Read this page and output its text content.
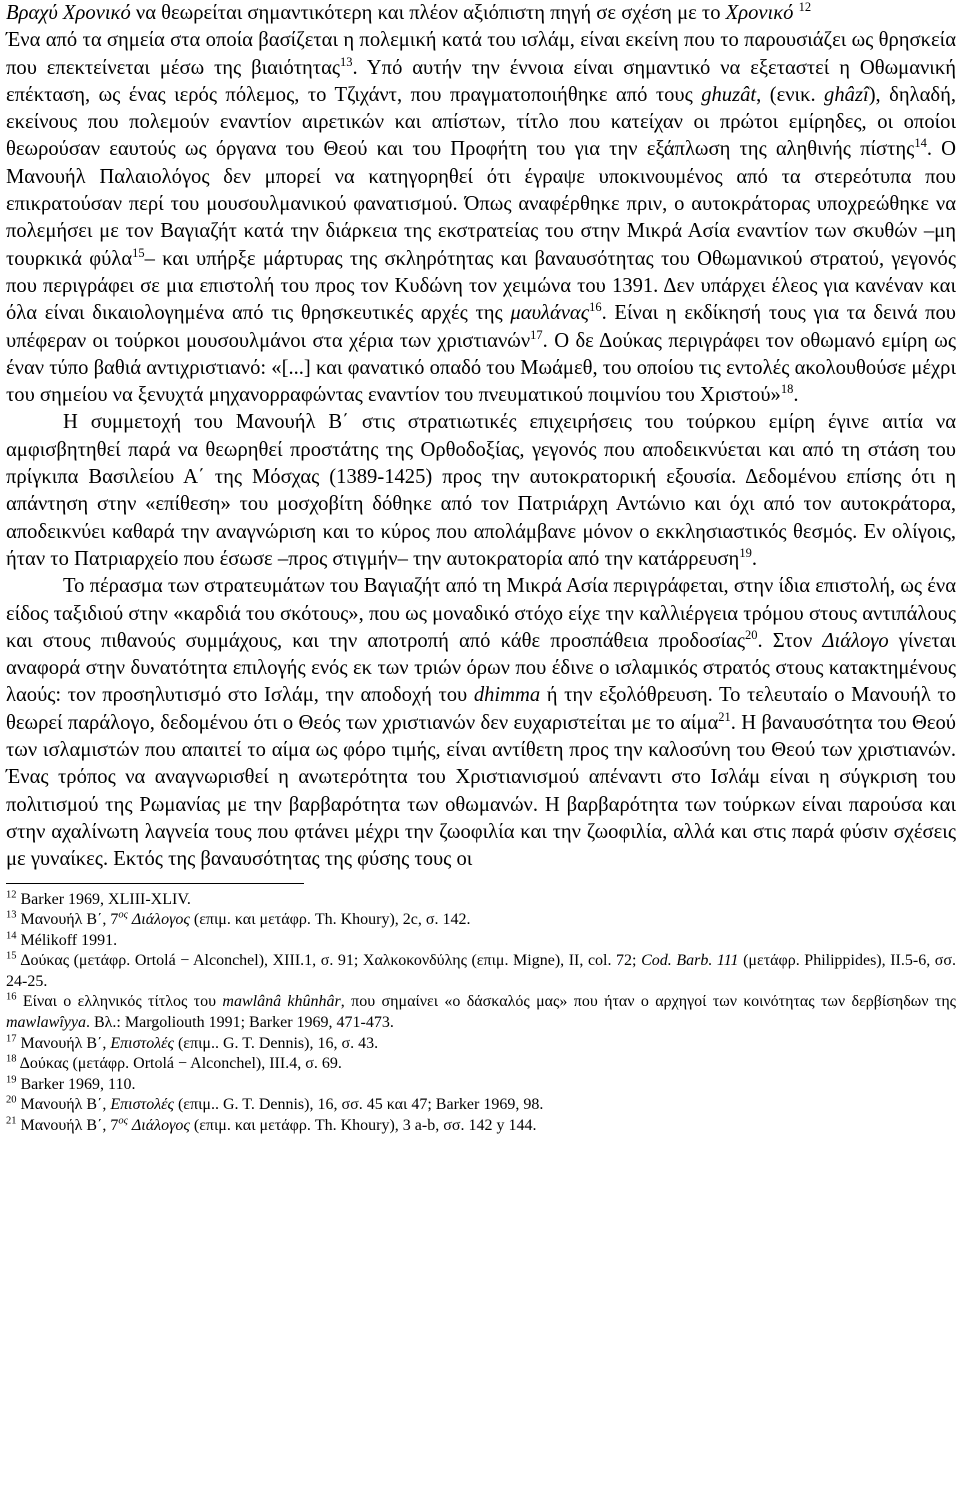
Βραχύ Χρονικό να θεωρείται σημαντικότερη και πλέον αξιόπιστη πηγή σε σχέση με το Χρονικό $^{12}$

Ένα από τα σημεία στα οποία βασίζεται η πολεμική κατά του ισλάμ, είναι εκείνη που το παρουσιάζει ως θρησκεία που επεκτείνεται μέσω της βιαιότητας$^{13}$. Υπό αυτήν την έννοια είναι σημαντικό να εξεταστεί η Οθωμανική επέκταση, ως ένας ιερός πόλεμος, το Τζιχάντ, που πραγματοποιήθηκε από τους ghuzât, (ενικ. ghâzî), δηλαδή, εκείνους που πολεμούν εναντίον αιρετικών και απίστων, τίτλο που κατείχαν οι πρώτοι εμίρηδες, οι οποίοι θεωρούσαν εαυτούς ως όργανα του Θεού και του Προφήτη του για την εξάπλωση της αληθινής πίστης$^{14}$. Ο Μανουήλ Παλαιολόγος δεν μπορεί να κατηγορηθεί ότι έγραψε υποκινουμένος από τα στερεότυπα που επικρατούσαν περί του μουσουλμανικού φανατισμού. Όπως αναφέρθηκε πριν, ο αυτοκράτορας υποχρεώθηκε να πολεμήσει με τον Βαγιαζήτ κατά την διάρκεια της εκστρατείας του στην Μικρά Ασία εναντίον των σκυθών –μη τουρκικά φύλα$^{15}$– και υπήρξε μάρτυρας της σκληρότητας και βαναυσότητας του Οθωμανικού στρατού, γεγονός που περιγράφει σε μια επιστολή του προς τον Κυδώνη τον χειμώνα του 1391. Δεν υπάρχει έλεος για κανέναν και όλα είναι δικαιολογημένα από τις θρησκευτικές αρχές της μαυλάνας$^{16}$. Είναι η εκδίκησή τους για τα δεινά που υπέφεραν οι τούρκοι μουσουλμάνοι στα χέρια των χριστιανών$^{17}$. Ο δε Δούκας περιγράφει τον οθωμανό εμίρη ως έναν τύπο βαθιά αντιχριστιανό: «[...] και φανατικό οπαδό του Μωάμεθ, του οποίου τις εντολές ακολουθούσε μέχρι του σημείου να ξενυχτά μηχανορραφώντας εναντίον του πνευματικού ποιμνίου του Χριστού»$^{18}$.

Η συμμετοχή του Μανουήλ Β΄ στις στρατιωτικές επιχειρήσεις του τούρκου εμίρη έγινε αιτία να αμφισβητηθεί παρά να θεωρηθεί προστάτης της Ορθοδοξίας, γεγονός που αποδεικνύεται και από τη στάση του πρίγκιπα Βασιλείου Α΄ της Μόσχας (1389-1425) προς την αυτοκρατορική εξουσία. Δεδομένου επίσης ότι η απάντηση στην «επίθεση» του μοσχοβίτη δόθηκε από τον Πατριάρχη Αντώνιο και όχι από τον αυτοκράτορα, αποδεικνύει καθαρά την αναγνώριση και το κύρος που απολάμβανε μόνον ο εκκλησιαστικός θεσμός. Εν ολίγοις, ήταν το Πατριαρχείο που έσωσε –προς στιγμήν– την αυτοκρατορία από την κατάρρευση$^{19}$.

Το πέρασμα των στρατευμάτων του Βαγιαζήτ από τη Μικρά Ασία περιγράφεται, στην ίδια επιστολή, ως ένα είδος ταξιδιού στην «καρδιά του σκότους», που ως μοναδικό στόχο είχε την καλλιέργεια τρόμου στους αντιπάλους και στους πιθανούς συμμάχους, και την αποτροπή από κάθε προσπάθεια προδοσίας$^{20}$. Στον Διάλογο γίνεται αναφορά στην δυνατότητα επιλογής ενός εκ των τριών όρων που έδινε ο ισλαμικός στρατός στους κατακτημένους λαούς: τον προσηλυτισμό στο Ισλάμ, την αποδοχή του dhimma ή την εξολόθρευση. Το τελευταίο ο Μανουήλ το θεωρεί παράλογο, δεδομένου ότι ο Θεός των χριστιανών δεν ευχαριστείται με το αίμα$^{21}$. Η βαναυσότητα του Θεού των ισλαμιστών που απαιτεί το αίμα ως φόρο τιμής, είναι αντίθετη προς την καλοσύνη του Θεού των χριστιανών. Ένας τρόπος να αναγνωρισθεί η ανωτερότητα του Χριστιανισμού απέναντι στο Ισλάμ είναι η σύγκριση του πολιτισμού της Ρωμανίας με την βαρβαρότητα των οθωμανών. Η βαρβαρότητα των τούρκων είναι παρούσα και στην αχαλίνωτη λαγνεία τους που φτάνει μέχρι την ζωοφιλία και την ζωοφιλία, αλλά και στις παρά φύσιν σχέσεις με γυναίκες. Εκτός της βαναυσότητας της φύσης τους οι

$^{12}$ Barker 1969, XLIII-XLIV.

$^{13}$ Μανουήλ Β΄, $7^{o\varsigma}$ Διάλογος (επιμ. και μετάφρ. Th. Khoury), 2c, σ. 142.

$^{14}$ Mélikoff 1991.

$^{15}$ Δούκας (μετάφρ. Ortolá − Alconchel), XIII.1, σ. 91; Χαλκοκονδύλης (επιμ. Migne), II, col. 72; Cod. Barb. 111 (μετάφρ. Philippides), II.5-6, σσ. 24-25.

$^{16}$ Είναι ο ελληνικός τίτλος του mawlânâ khûnhâr, που σημαίνει «ο δάσκαλός μας» που ήταν ο αρχηγοί των κοινότητας των δερβίσηδων της mawlawîyya. Βλ.: Margoliouth 1991; Barker 1969, 471-473.

$^{17}$ Μανουήλ Β΄, Επιστολές (επιμ.. G. T. Dennis), 16, σ. 43.

$^{18}$ Δούκας (μετάφρ. Ortolá − Alconchel), III.4, σ. 69.

$^{19}$ Barker 1969, 110.

$^{20}$ Μανουήλ Β΄, Επιστολές (επιμ.. G. T. Dennis), 16, σσ. 45 και 47; Barker 1969, 98.

$^{21}$ Μανουήλ Β΄, $7^{o\varsigma}$ Διάλογος (επιμ. και μετάφρ. Th. Khoury), 3 a-b, σσ. 142 y 144.
